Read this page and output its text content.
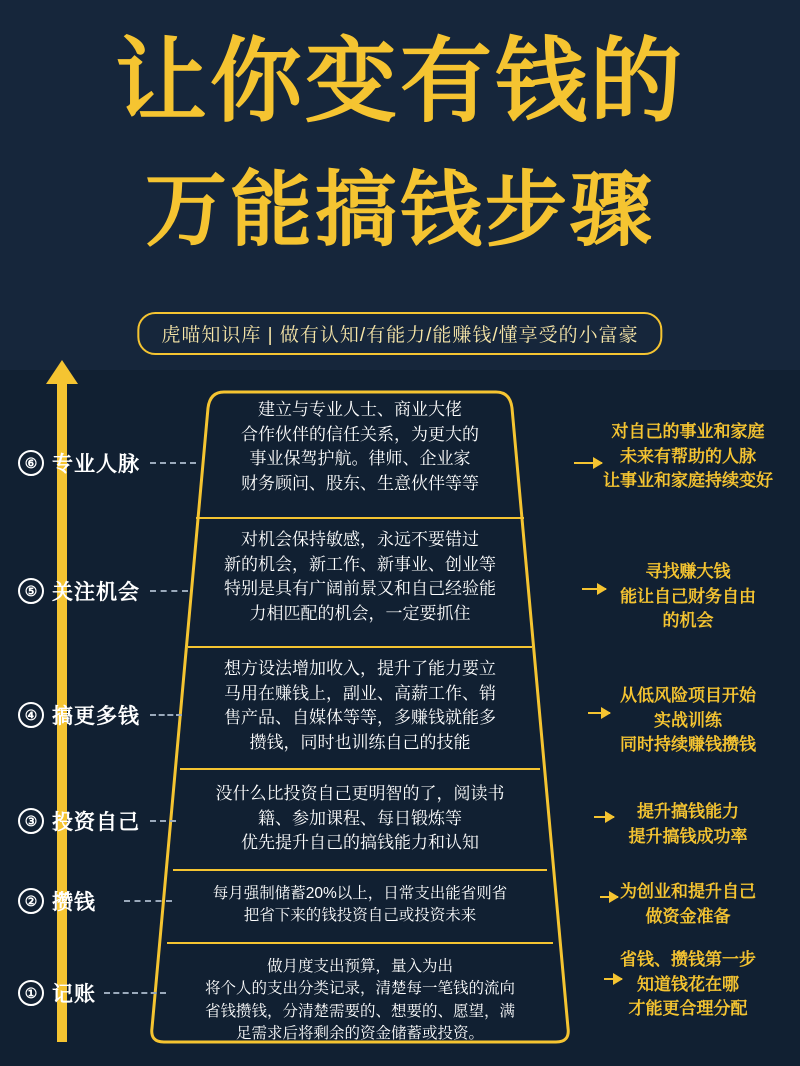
让你变有钱的
万能搞钱步骤
虎喵知识库 | 做有认知/有能力/能赚钱/懂享受的小富豪
建立与专业人士、商业大佬
合作伙伴的信任关系，为更大的
事业保驾护航。律师、企业家
财务顾问、股东、生意伙伴等等
对机会保持敏感，永远不要错过
新的机会，新工作、新事业、创业等
特别是具有广阔前景又和自己经验能
力相匹配的机会，一定要抓住
想方设法增加收入，提升了能力要立
马用在赚钱上，副业、高薪工作、销
售产品、自媒体等等，多赚钱就能多
攒钱，同时也训练自己的技能
没什么比投资自己更明智的了，阅读书
籍、参加课程、每日锻炼等
优先提升自己的搞钱能力和认知
每月强制储蓄20%以上，日常支出能省则省
把省下来的钱投资自己或投资未来
做月度支出预算，量入为出
将个人的支出分类记录，清楚每一笔钱的流向
省钱攒钱，分清楚需要的、想要的、愿望，满
足需求后将剩余的资金储蓄或投资。
⑥ 专业人脉
⑤ 关注机会
④ 搞更多钱
③ 投资自己
② 攒钱
① 记账
对自己的事业和家庭
未来有帮助的人脉
让事业和家庭持续变好
寻找赚大钱
能让自己财务自由
的机会
从低风险项目开始
实战训练
同时持续赚钱攒钱
提升搞钱能力
提升搞钱成功率
为创业和提升自己
做资金准备
省钱、攒钱第一步
知道钱花在哪
才能更合理分配
